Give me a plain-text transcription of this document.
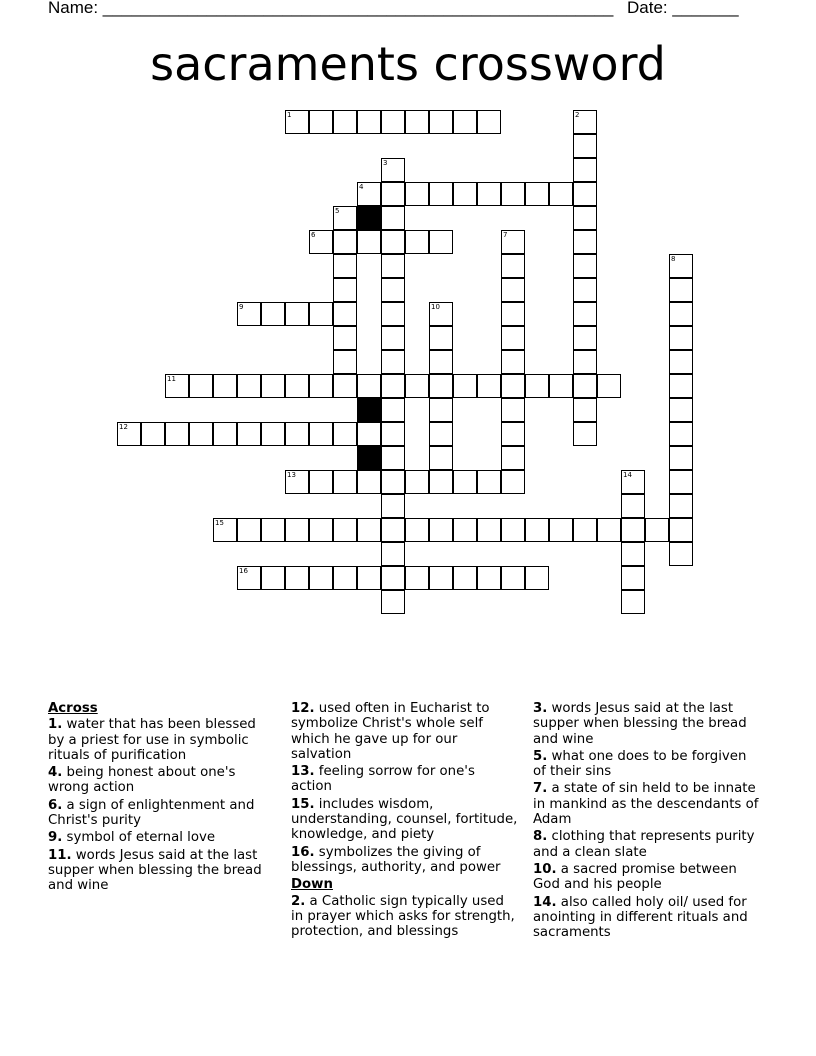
Name: ______________________________________________________ Date: _______
sacraments crossword
1	2
3
4
5
6	7
8
9	10
11
12
13	14
15
16
Across
1. water that has been blessed by a priest for use in symbolic rituals of purification
4. being honest about one's wrong action
6. a sign of enlightenment and Christ's purity
9. symbol of eternal love
11. words Jesus said at the last supper when blessing the bread and wine
12. used often in Eucharist to symbolize Christ's whole self which he gave up for our salvation
13. feeling sorrow for one's action
15. includes wisdom, understanding, counsel, fortitude, knowledge, and piety
16. symbolizes the giving of blessings, authority, and power
Down
2. a Catholic sign typically used in prayer which asks for strength, protection, and blessings
3. words Jesus said at the last supper when blessing the bread and wine
5. what one does to be forgiven of their sins
7. a state of sin held to be innate in mankind as the descendants of Adam
8. clothing that represents purity and a clean slate
10. a sacred promise between God and his people
14. also called holy oil/ used for anointing in different rituals and sacraments
